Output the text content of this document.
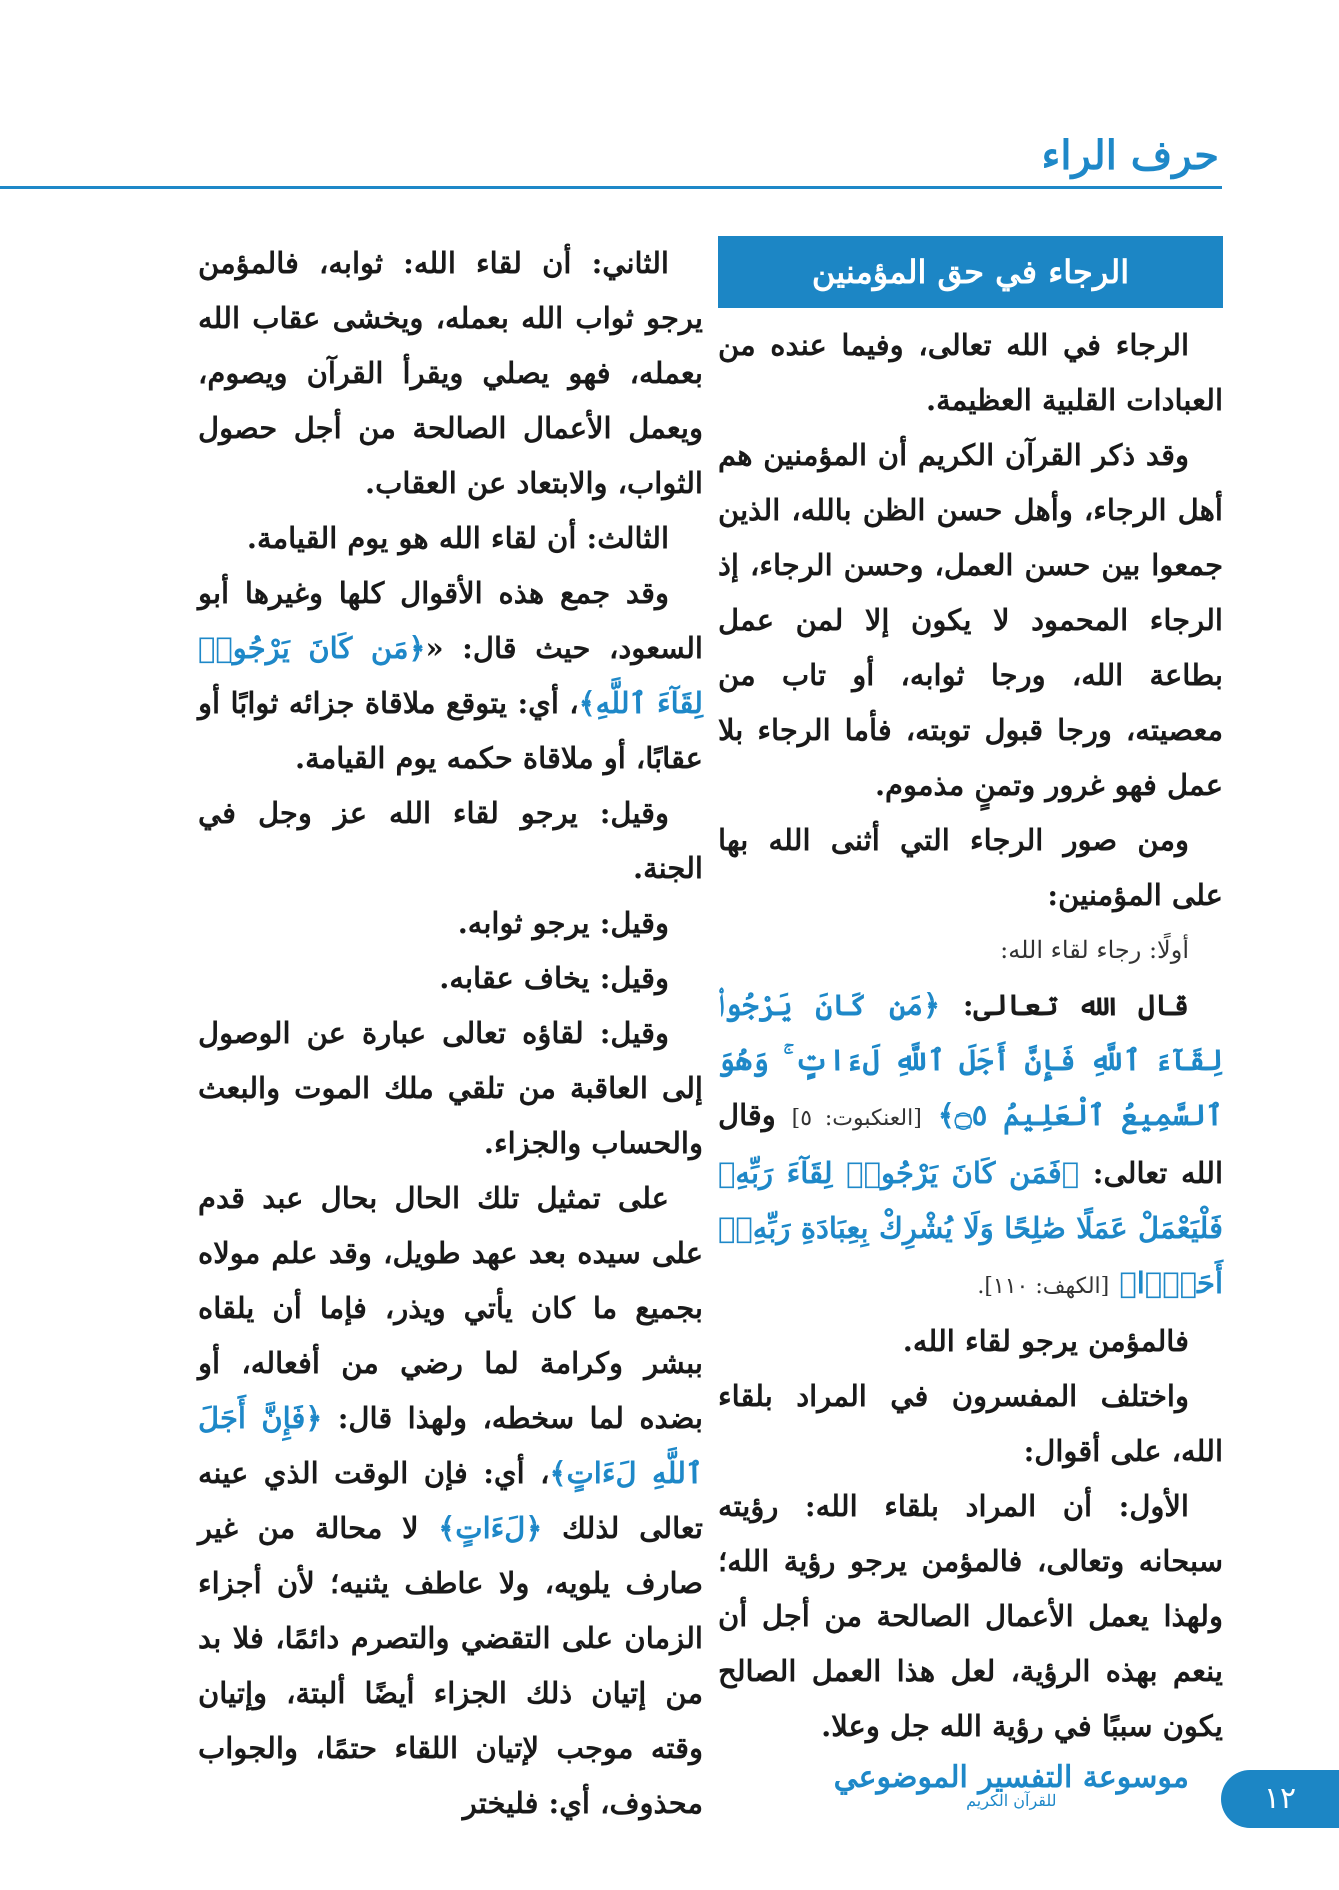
حرف الراء
الرجاء في حق المؤمنين

الرجاء في الله تعالى، وفيما عنده من العبادات القلبية العظيمة.

وقد ذكر القرآن الكريم أن المؤمنين هم أهل الرجاء، وأهل حسن الظن بالله، الذين جمعوا بين حسن العمل، وحسن الرجاء، إذ الرجاء المحمود لا يكون إلا لمن عمل بطاعة الله، ورجا ثوابه، أو تاب من معصيته، ورجا قبول توبته، فأما الرجاء بلا عمل فهو غرور وتمنٍ مذموم.

ومن صور الرجاء التي أثنى الله بها على المؤمنين:

أولًا: رجاء لقاء الله:

قال الله تعالى: ﴿مَن كَانَ يَرْجُوا۟ لِقَآءَ ٱللَّهِ فَإِنَّ أَجَلَ ٱللَّهِ لَءَاتٍ ۚ وَهُوَ ٱلسَّمِيعُ ٱلْعَلِيمُ ۝٥﴾ [العنكبوت: ٥] وقال الله تعالى: ﴿فَمَن كَانَ يَرْجُوا۟ لِقَآءَ رَبِّهِۦ فَلْيَعْمَلْ عَمَلًا صَٰلِحًا وَلَا يُشْرِكْ بِعِبَادَةِ رَبِّهِۦٓ أَحَدًۢا﴾ [الكهف: ١١٠].

فالمؤمن يرجو لقاء الله.

واختلف المفسرون في المراد بلقاء الله، على أقوال:

الأول: أن المراد بلقاء الله: رؤيته سبحانه وتعالى، فالمؤمن يرجو رؤية الله؛ ولهذا يعمل الأعمال الصالحة من أجل أن ينعم بهذه الرؤية، لعل هذا العمل الصالح يكون سببًا في رؤية الله جل وعلا.

الثاني: أن لقاء الله: ثوابه، فالمؤمن يرجو ثواب الله بعمله، ويخشى عقاب الله بعمله، فهو يصلي ويقرأ القرآن ويصوم، ويعمل الأعمال الصالحة من أجل حصول الثواب، والابتعاد عن العقاب.

الثالث: أن لقاء الله هو يوم القيامة.

وقد جمع هذه الأقوال كلها وغيرها أبو السعود، حيث قال: «﴿مَن كَانَ يَرْجُوا۟ لِقَآءَ ٱللَّهِ﴾، أي: يتوقع ملاقاة جزائه ثوابًا أو عقابًا، أو ملاقاة حكمه يوم القيامة.

وقيل: يرجو لقاء الله عز وجل في الجنة.

وقيل: يرجو ثوابه.

وقيل: يخاف عقابه.

وقيل: لقاؤه تعالى عبارة عن الوصول إلى العاقبة من تلقي ملك الموت والبعث والحساب والجزاء.

على تمثيل تلك الحال بحال عبد قدم على سيده بعد عهد طويل، وقد علم مولاه بجميع ما كان يأتي ويذر، فإما أن يلقاه ببشر وكرامة لما رضي من أفعاله، أو بضده لما سخطه، ولهذا قال: ﴿فَإِنَّ أَجَلَ ٱللَّهِ لَءَاتٍ﴾، أي: فإن الوقت الذي عينه تعالى لذلك ﴿لَءَاتٍ﴾ لا محالة من غير صارف يلويه، ولا عاطف يثنيه؛ لأن أجزاء الزمان على التقضي والتصرم دائمًا، فلا بد من إتيان ذلك الجزاء أيضًا ألبتة، وإتيان وقته موجب لإتيان اللقاء حتمًا، والجواب محذوف، أي: فليختر	١٢
موسوعة التفسير الموضوعي
للقرآن الكريم
